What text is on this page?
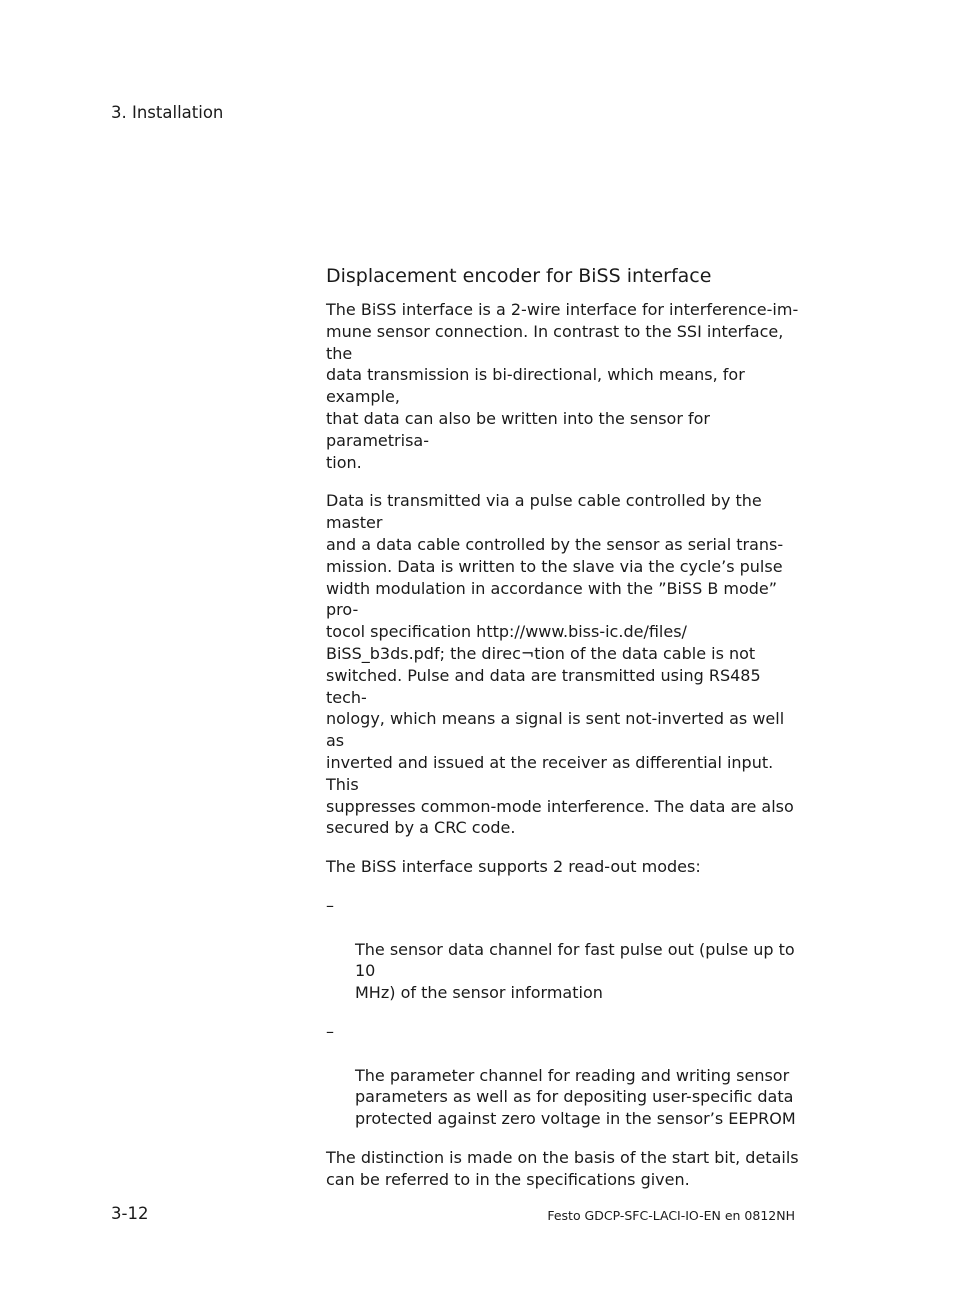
3. Installation
Displacement encoder for BiSS interface

The BiSS interface is a 2-wire interface for interference-im-
mune sensor connection. In contrast to the SSI interface, the
data transmission is bi-directional, which means, for example,
that data can also be written into the sensor for parametrisa-
tion.

Data is transmitted via a pulse cable controlled by the master
and a data cable controlled by the sensor as serial trans-
mission. Data is written to the slave via the cycle’s pulse
width modulation in accordance with the ”BiSS B mode” pro-
tocol specification http://www.biss-ic.de/files/
BiSS_b3ds.pdf; the direc¬tion of the data cable is not
switched. Pulse and data are transmitted using RS485 tech-
nology, which means a signal is sent not-inverted as well as
inverted and issued at the receiver as differential input. This
suppresses common-mode interference. The data are also
secured by a CRC code.

The BiSS interface supports 2 read-out modes:

–

The sensor data channel for fast pulse out (pulse up to 10
MHz) of the sensor information

–

The parameter channel for reading and writing sensor
parameters as well as for depositing user-specific data
protected against zero voltage in the sensor’s EEPROM

The distinction is made on the basis of the start bit, details
can be referred to in the specifications given.

3-12	Festo GDCP-SFC-LACI-IO-EN en 0812NH
